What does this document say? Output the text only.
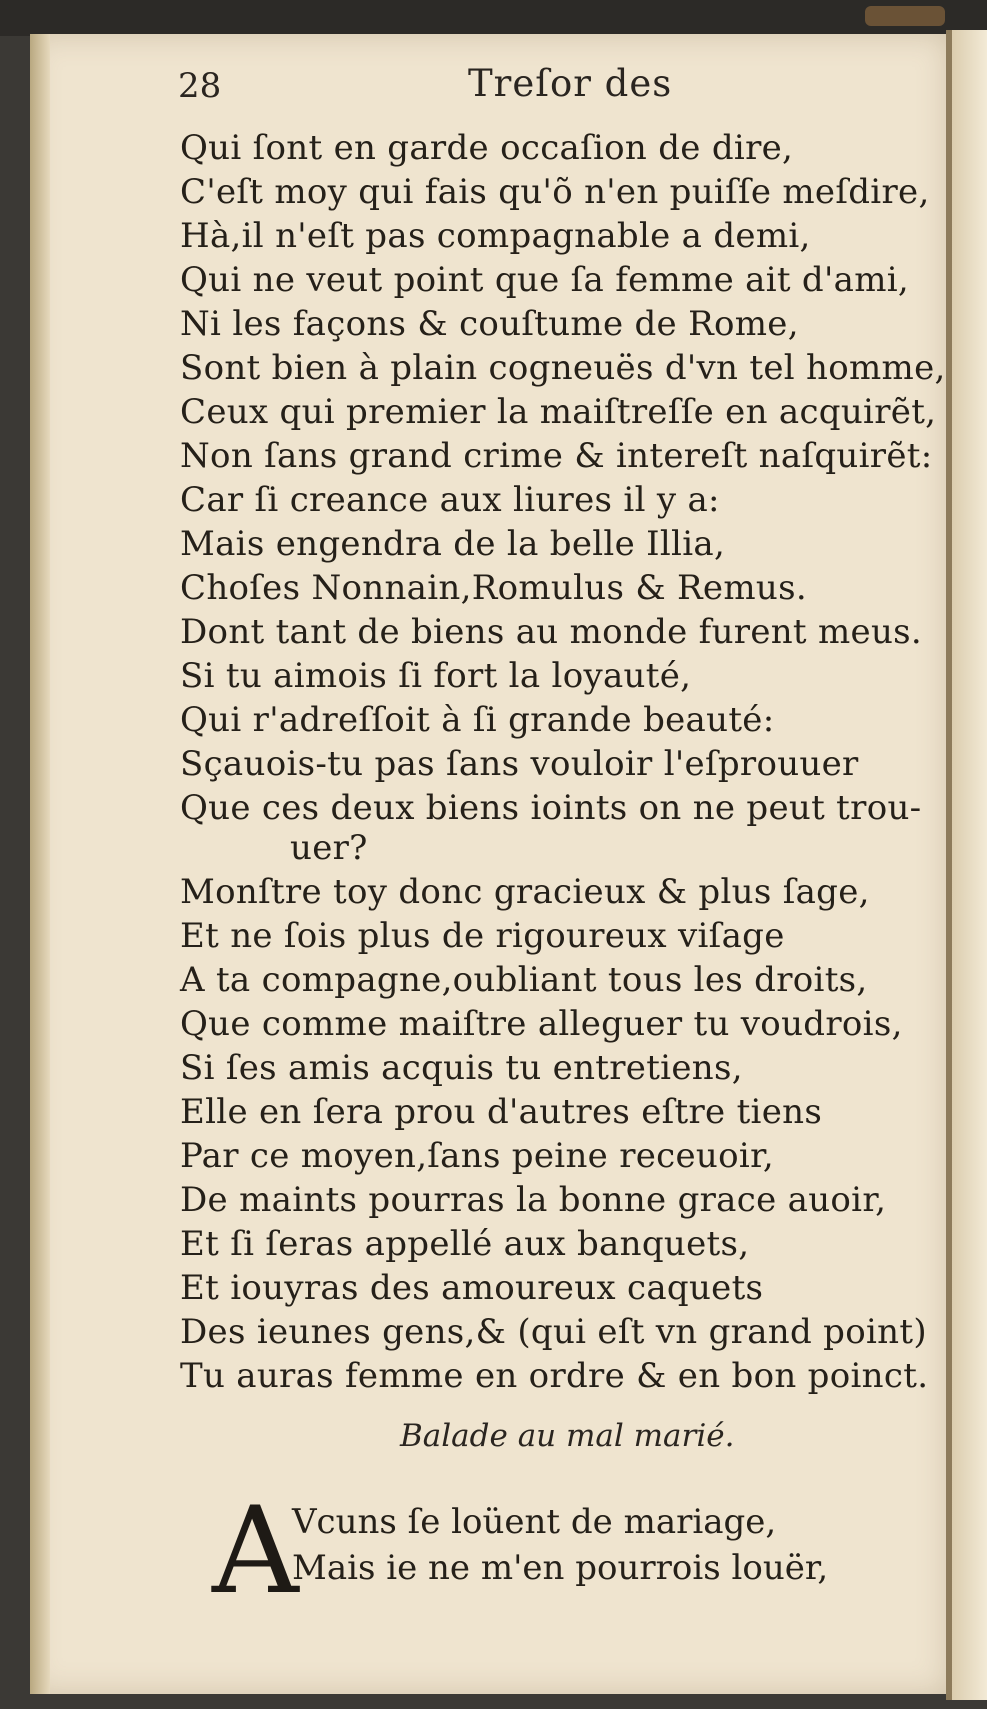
28	Treſor des
Qui ſont en garde occaſion de dire,
C'eſt moy qui fais qu'õ n'en puiſſe meſdire,
Hà,il n'eſt pas compagnable a demi,
Qui ne veut point que ſa femme ait d'ami,
Ni les façons & couſtume de Rome,
Sont bien à plain cogneuës d'vn tel homme,
Ceux qui premier la maiſtreſſe en acquirẽt,
Non ſans grand crime & intereſt naſquirẽt:
Car ſi creance aux liures il y a:
Mais engendra de la belle Illia,
Choſes Nonnain,Romulus & Remus.
Dont tant de biens au monde furent meus.
Si tu aimois ſi fort la loyauté,
Qui r'adreſſoit à ſi grande beauté:
Sçauois-tu pas ſans vouloir l'eſprouuer
Que ces deux biens ioints on ne peut trou-
uer?
Monſtre toy donc gracieux & plus ſage,
Et ne ſois plus de rigoureux viſage
A ta compagne,oubliant tous les droits,
Que comme maiſtre alleguer tu voudrois,
Si ſes amis acquis tu entretiens,
Elle en ſera prou d'autres eſtre tiens
Par ce moyen,ſans peine receuoir,
De maints pourras la bonne grace auoir,
Et ſi ſeras appellé aux banquets,
Et iouyras des amoureux caquets
Des ieunes gens,& (qui eſt vn grand point)
Tu auras femme en ordre & en bon poinct.
Balade au mal marié.
A
Vcuns ſe loüent de mariage,
Mais ie ne m'en pourrois louër,
